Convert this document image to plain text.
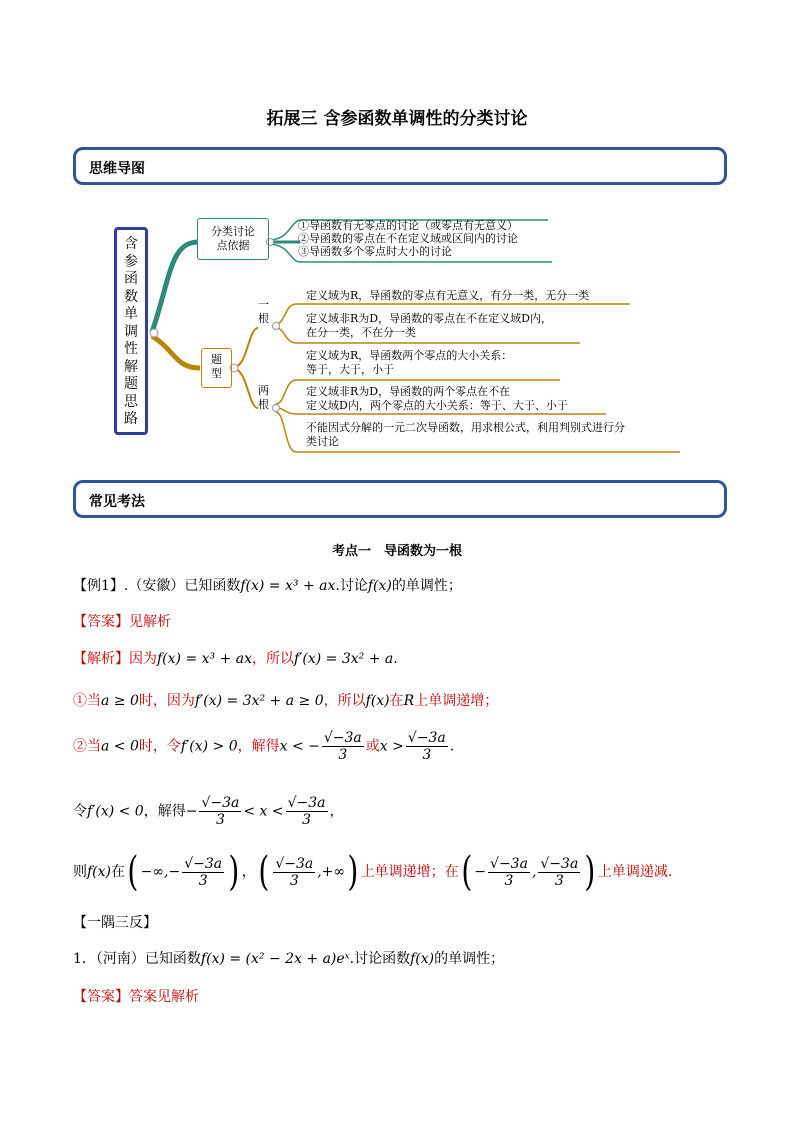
拓展三 含参函数单调性的分类讨论
思维导图
含
参
函
数
单
调
性
解
题
思
路
分类讨论
点依据
①导函数有无零点的讨论（或零点有无意义）
②导函数的零点在不在定义域或区间内的讨论
③导函数多个零点时大小的讨论
题
型
一
根
定义域为R，导函数的零点有无意义，有分一类，无分一类
定义域非R为D，导函数的零点在不在定义域D内，
在分一类，不在分一类
两
根
定义域为R，导函数两个零点的大小关系：
等于，大于，小于
定义域非R为D，导函数的两个零点在不在
定义域D内，两个零点的大小关系：等于、大于、小于
不能因式分解的一元二次导函数，用求根公式，利用判别式进行分
类讨论
常见考法
考点一　导函数为一根
【例1】.（安徽）已知函数f(x) = x³ + ax.讨论f(x)的单调性；
【答案】见解析
【解析】因为f(x) = x³ + ax，所以f′(x) = 3x² + a.
①当a ≥ 0时，因为f′(x) = 3x² + a ≥ 0，所以f(x)在R上单调递增；
②当a < 0时，令f′(x) > 0，解得x < − $\frac{√-3a}{3}$ 或$x > \frac{√-3a}{3}$ .
令f′(x) < 0，解得− $\frac{√-3a}{3} < x < \frac{√-3a}{3}$ ，
则f(x)在( −∞,− $\frac{√-3a}{3}$ ) ，( $\frac{√-3a}{3}$ ,+∞) 上单调递增；在( − $\frac{√-3a}{3}$ , $\frac{√-3a}{3}$ ) 上单调递减.
【一隅三反】
1．（河南）已知函数f(x) = (x² − 2x + a)eˣ.讨论函数f(x)的单调性；
【答案】答案见解析
